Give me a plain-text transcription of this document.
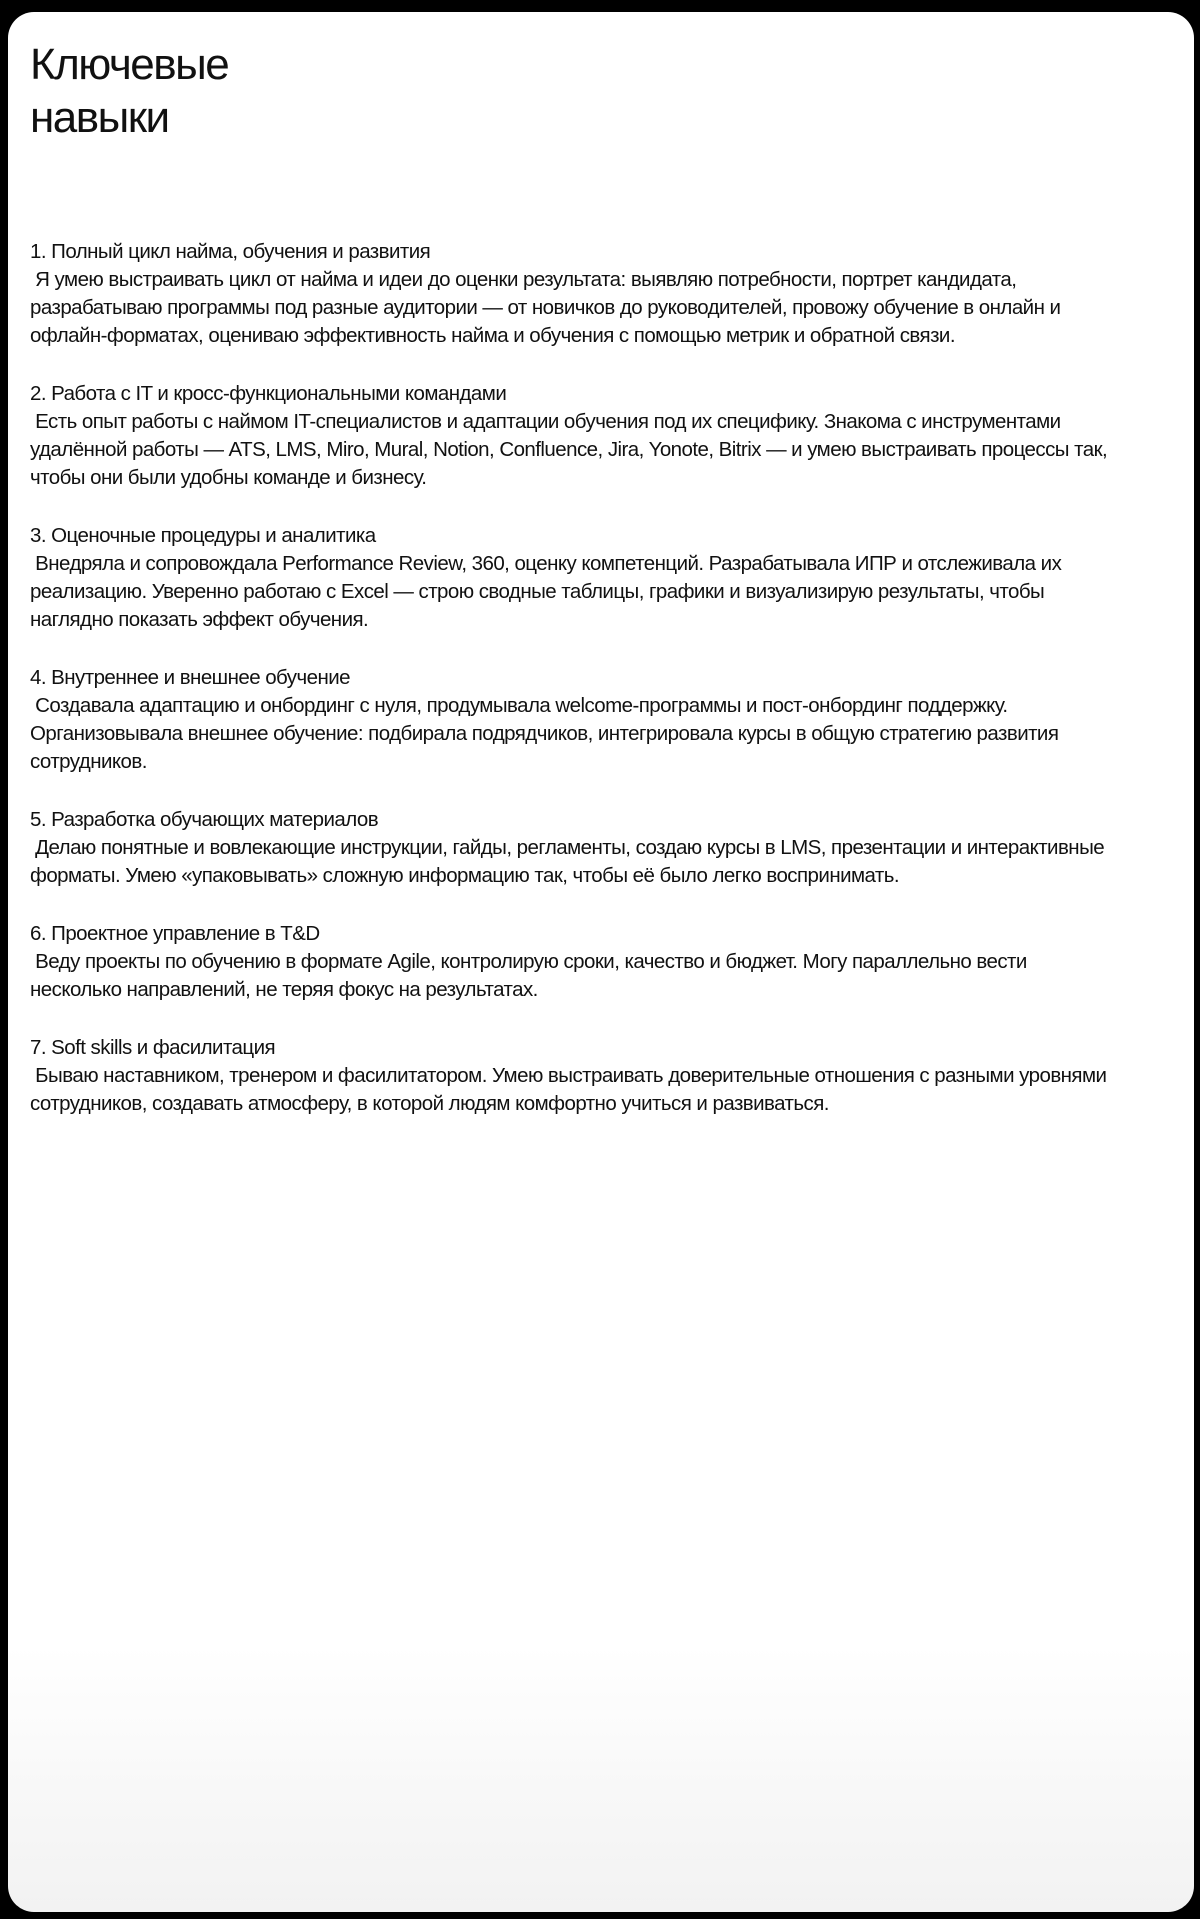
Ключевые
навыки
1. Полный цикл найма, обучения и развития
Я умею выстраивать цикл от найма и идеи до оценки результата: выявляю потребности, портрет кандидата, разрабатываю программы под разные аудитории — от новичков до руководителей, провожу обучение в онлайн и офлайн-форматах, оцениваю эффективность найма и обучения с помощью метрик и обратной связи.
2. Работа с IT и кросс-функциональными командами
Есть опыт работы с наймом IT-специалистов и адаптации обучения под их специфику. Знакома с инструментами удалённой работы — ATS, LMS, Miro, Mural, Notion, Confluence, Jira, Yonote, Bitrix — и умею выстраивать процессы так, чтобы они были удобны команде и бизнесу.
3. Оценочные процедуры и аналитика
Внедряла и сопровождала Performance Review, 360, оценку компетенций. Разрабатывала ИПР и отслеживала их реализацию. Уверенно работаю с Excel — строю сводные таблицы, графики и визуализирую результаты, чтобы наглядно показать эффект обучения.
4. Внутреннее и внешнее обучение
Создавала адаптацию и онбординг с нуля, продумывала welcome-программы и пост-онбординг поддержку. Организовывала внешнее обучение: подбирала подрядчиков, интегрировала курсы в общую стратегию развития сотрудников.
5. Разработка обучающих материалов
Делаю понятные и вовлекающие инструкции, гайды, регламенты, создаю курсы в LMS, презентации и интерактивные форматы. Умею «упаковывать» сложную информацию так, чтобы её было легко воспринимать.
6. Проектное управление в T&D
Веду проекты по обучению в формате Agile, контролирую сроки, качество и бюджет. Могу параллельно вести несколько направлений, не теряя фокус на результатах.
7. Soft skills и фасилитация
Бываю наставником, тренером и фасилитатором. Умею выстраивать доверительные отношения с разными уровнями сотрудников, создавать атмосферу, в которой людям комфортно учиться и развиваться.
